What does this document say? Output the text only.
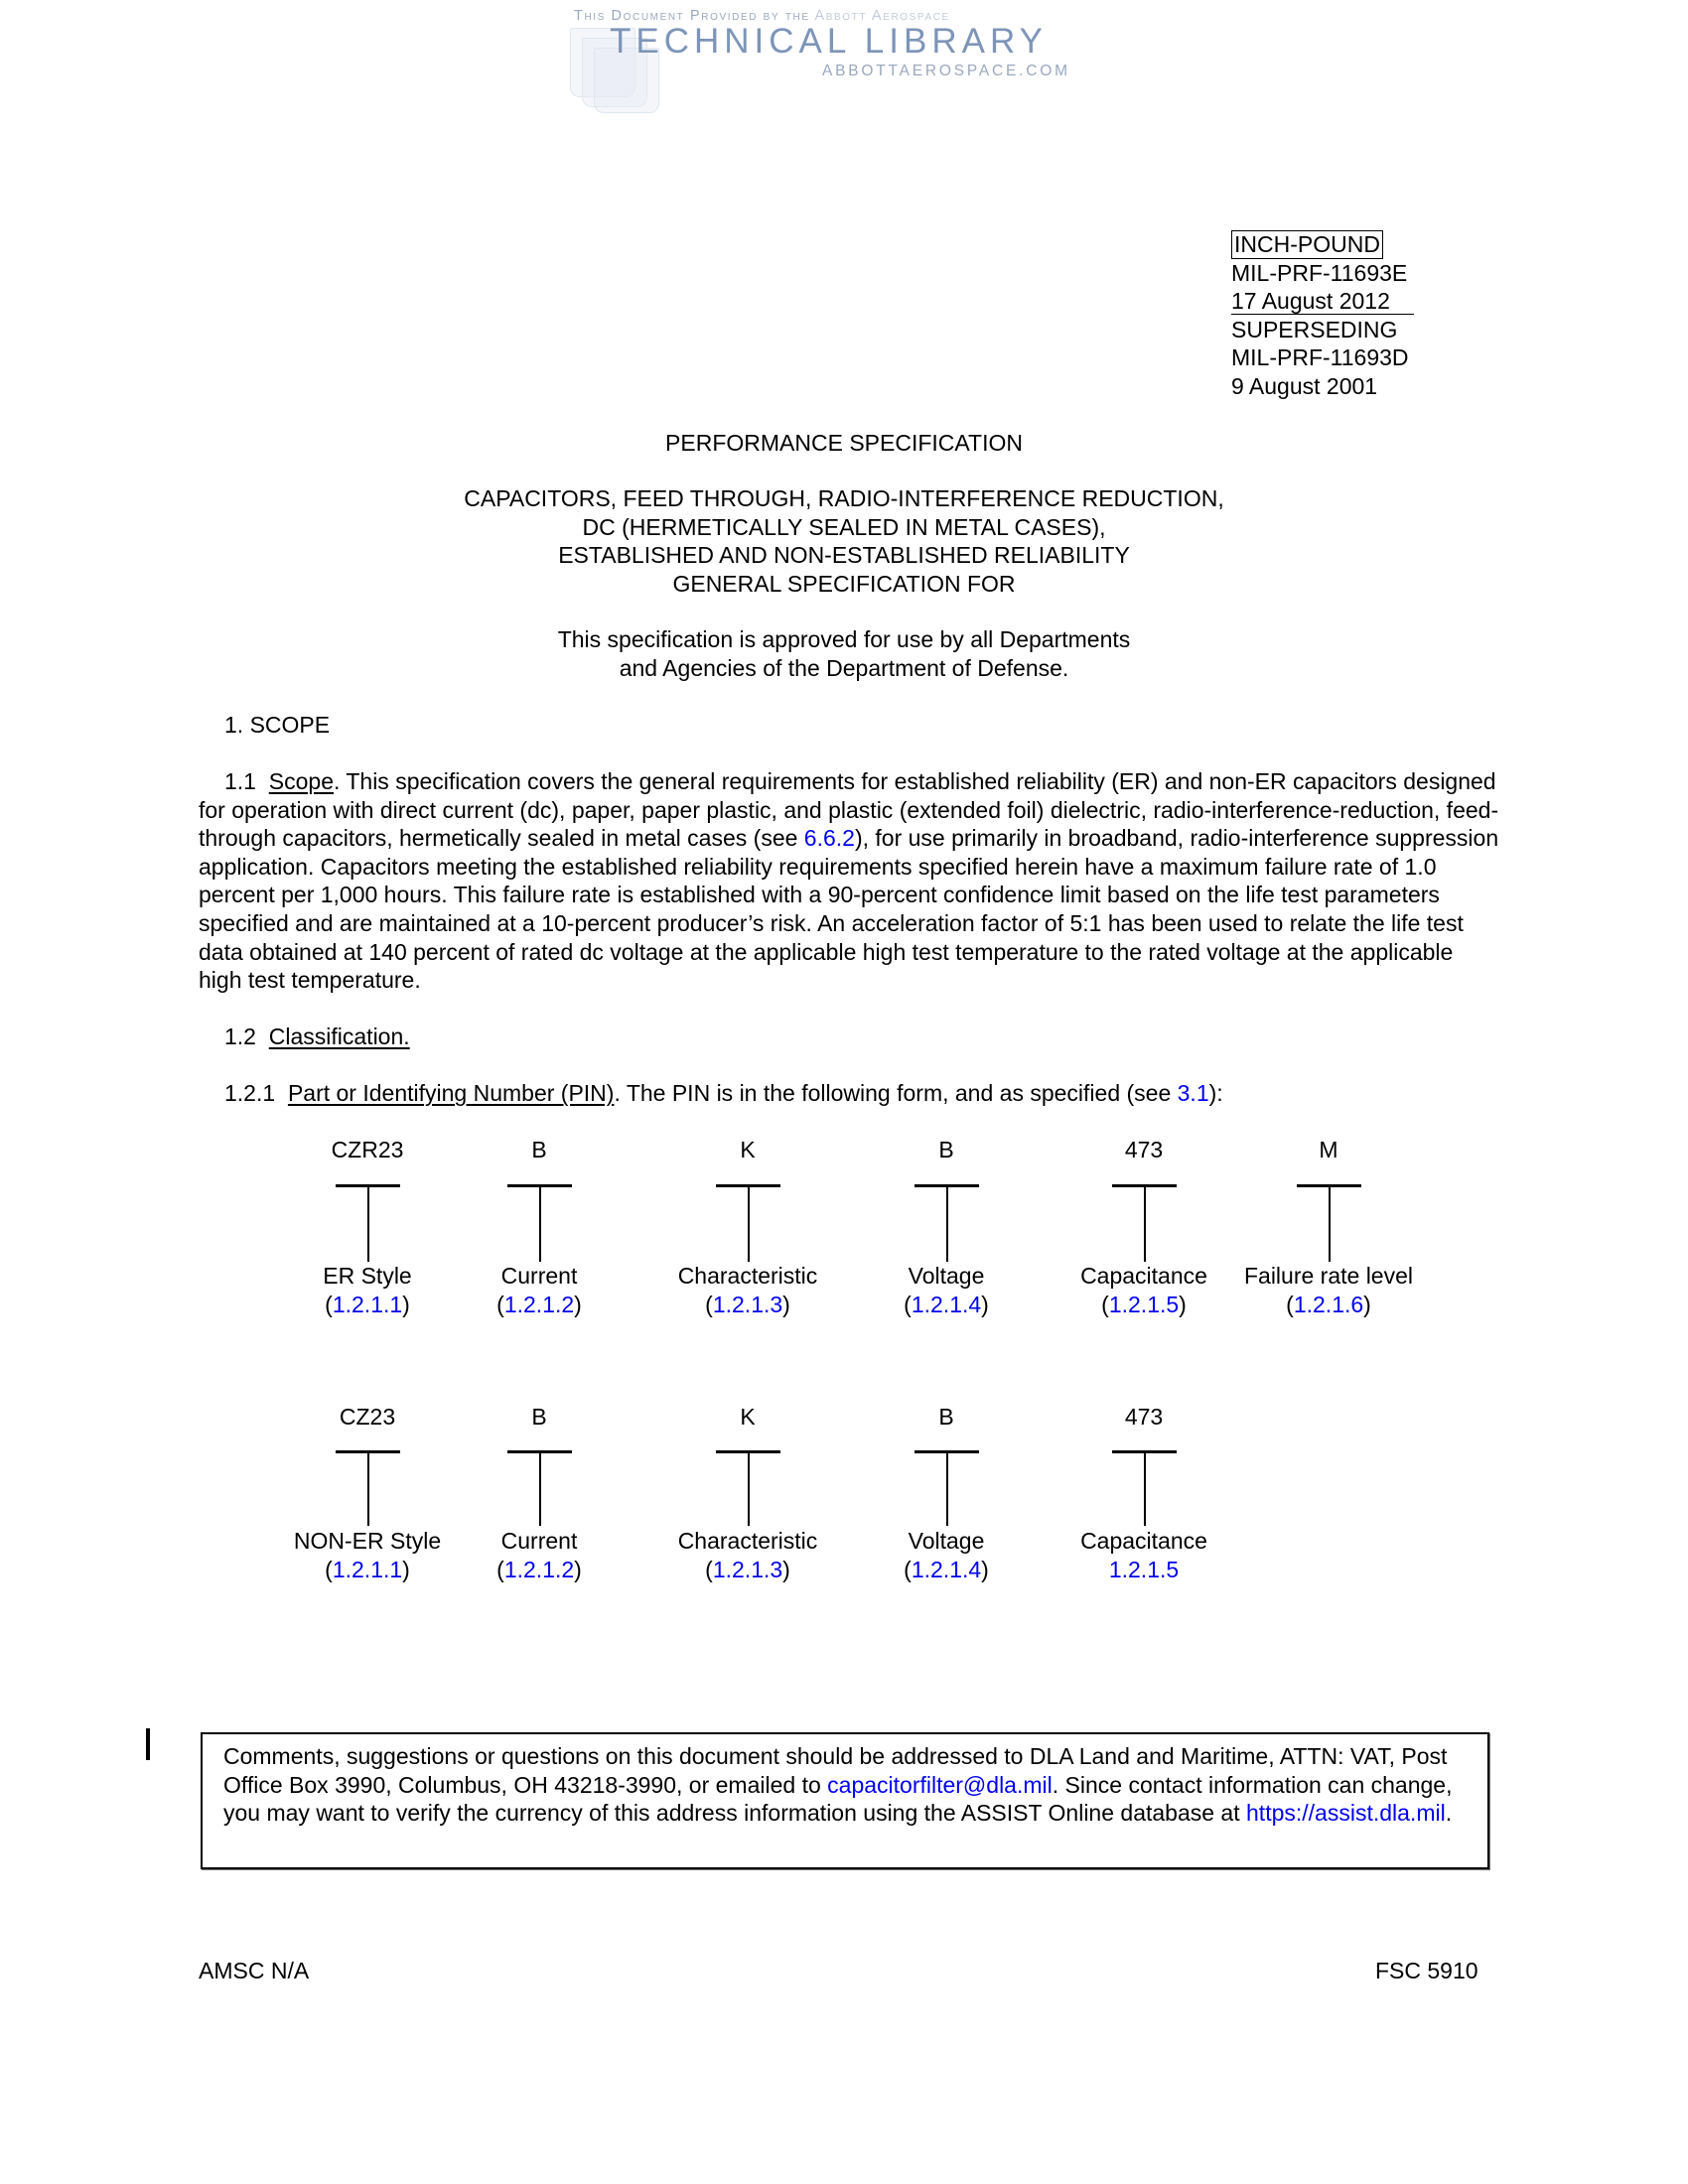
This Document Provided by the Abbott Aerospace
TECHNICAL LIBRARY
ABBOTTAEROSPACE.COM
INCH-POUND
MIL-PRF-11693E
17 August 2012
SUPERSEDING
MIL-PRF-11693D
9 August 2001
PERFORMANCE SPECIFICATION
CAPACITORS, FEED THROUGH, RADIO-INTERFERENCE REDUCTION,
DC (HERMETICALLY SEALED IN METAL CASES),
ESTABLISHED AND NON-ESTABLISHED RELIABILITY
GENERAL SPECIFICATION FOR
This specification is approved for use by all Departments
and Agencies of the Department of Defense.
1. SCOPE
1.1 Scope. This specification covers the general requirements for established reliability (ER) and non-ER capacitors designed for operation with direct current (dc), paper, paper plastic, and plastic (extended foil) dielectric, radio-interference-reduction, feed-through capacitors, hermetically sealed in metal cases (see 6.6.2), for use primarily in broadband, radio-interference suppression application. Capacitors meeting the established reliability requirements specified herein have a maximum failure rate of 1.0 percent per 1,000 hours. This failure rate is established with a 90-percent confidence limit based on the life test parameters specified and are maintained at a 10-percent producer’s risk. An acceleration factor of 5:1 has been used to relate the life test data obtained at 140 percent of rated dc voltage at the applicable high test temperature to the rated voltage at the applicable high test temperature.
1.2 Classification.
1.2.1 Part or Identifying Number (PIN). The PIN is in the following form, and as specified (see 3.1):
CZR23
ER Style
(1.2.1.1)
B
Current
(1.2.1.2)
K
Characteristic
(1.2.1.3)
B
Voltage
(1.2.1.4)
473
Capacitance
(1.2.1.5)
M
Failure rate level
(1.2.1.6)
CZ23
NON-ER Style
(1.2.1.1)
B
Current
(1.2.1.2)
K
Characteristic
(1.2.1.3)
B
Voltage
(1.2.1.4)
473
Capacitance
1.2.1.5
Comments, suggestions or questions on this document should be addressed to DLA Land and Maritime, ATTN: VAT, Post Office Box 3990, Columbus, OH 43218-3990, or emailed to capacitorfilter@dla.mil. Since contact information can change, you may want to verify the currency of this address information using the ASSIST Online database at https://assist.dla.mil.
AMSC N/A	FSC 5910
